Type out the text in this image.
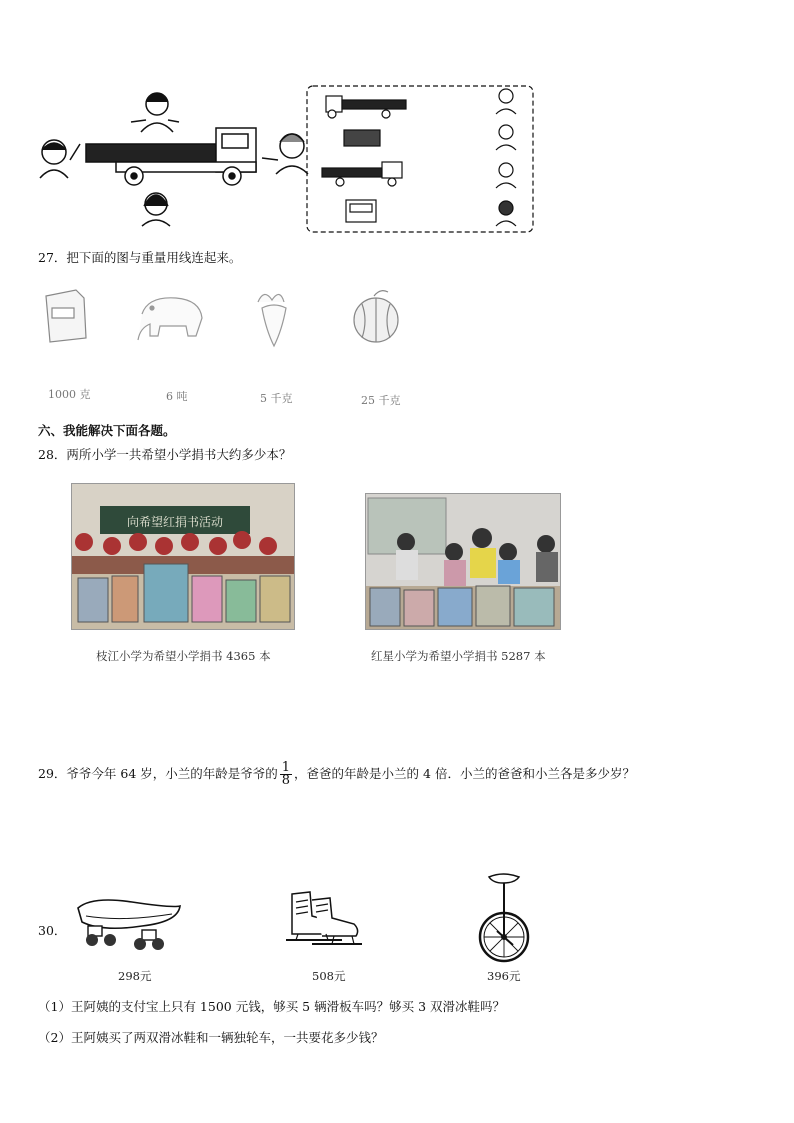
27．把下面的图与重量用线连起来。
1000 克	6 吨	5 千克	25 千克
六、我能解决下面各题。
28．两所小学一共希望小学捐书大约多少本？
向希望红捐书活动
枝江小学为希望小学捐书 4365 本	红星小学为希望小学捐书 5287 本
29．爷爷今年 64 岁，小兰的年龄是爷爷的 $\frac{1}{8}$ ，爸爸的年龄是小兰的 4 倍．小兰的爸爸和小兰各是多少岁？
30．
298元	508元	396元
（1）王阿姨的支付宝上只有 1500 元钱，够买 5 辆滑板车吗？够买 3 双滑冰鞋吗？
（2）王阿姨买了两双滑冰鞋和一辆独轮车，一共要花多少钱？
